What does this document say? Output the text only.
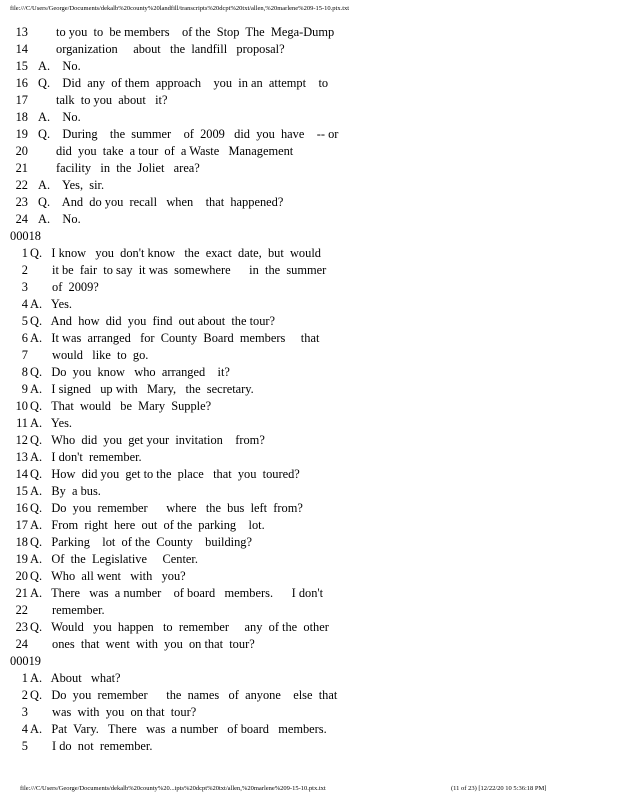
file:///C/Users/George/Documents/dekalb%20county%20landfill/transcripts%20dcpt%20txt/allen,%20marlene%209-15-10.ptx.txt
13 to you  to  be members    of the  Stop  The  Mega-Dump
14 organization     about   the  landfill   proposal?
15 A.    No.
16 Q.    Did  any  of them  approach    you  in an  attempt    to
17 talk  to you  about   it?
18 A.    No.
19 Q.    During    the  summer    of  2009   did  you  have    -- or
20 did  you  take  a tour  of  a Waste   Management
21 facility   in  the  Joliet   area?
22 A.    Yes,  sir.
23 Q.    And  do you  recall   when    that  happened?
24 A.    No.
00018
1 Q.   I know   you  don't know   the  exact  date,  but  would
2 it be  fair  to say  it was  somewhere      in  the  summer
3 of  2009?
4 A.   Yes.
5 Q.   And  how  did  you  find  out about  the tour?
6 A.   It was  arranged   for  County  Board  members     that
7 would   like  to  go.
8 Q.   Do  you  know   who  arranged    it?
9 A.   I signed   up with   Mary,   the  secretary.
10 Q.   That  would   be  Mary  Supple?
11 A.   Yes.
12 Q.   Who  did  you  get your  invitation    from?
13 A.   I don't  remember.
14 Q.   How  did you  get to the  place   that  you  toured?
15 A.   By  a bus.
16 Q.   Do  you  remember      where   the  bus  left  from?
17 A.   From  right  here  out  of the  parking    lot.
18 Q.   Parking    lot  of the  County    building?
19 A.   Of  the  Legislative     Center.
20 Q.   Who  all went   with   you?
21 A.   There   was  a number    of board   members.      I don't
22 remember.
23 Q.   Would   you  happen   to  remember     any  of the  other
24 ones  that  went  with  you  on that  tour?
00019
1 A.   About   what?
2 Q.   Do  you  remember      the  names   of  anyone    else  that
3 was  with  you  on that  tour?
4 A.   Pat  Vary.   There   was  a number   of board   members.
5 I do  not  remember.
file:///C/Users/George/Documents/dekalb%20county%20...ipts%20dcpt%20txt/allen,%20marlene%209-15-10.ptx.txt	(11 of 23) [12/22/20 10 5:36:18 PM]
